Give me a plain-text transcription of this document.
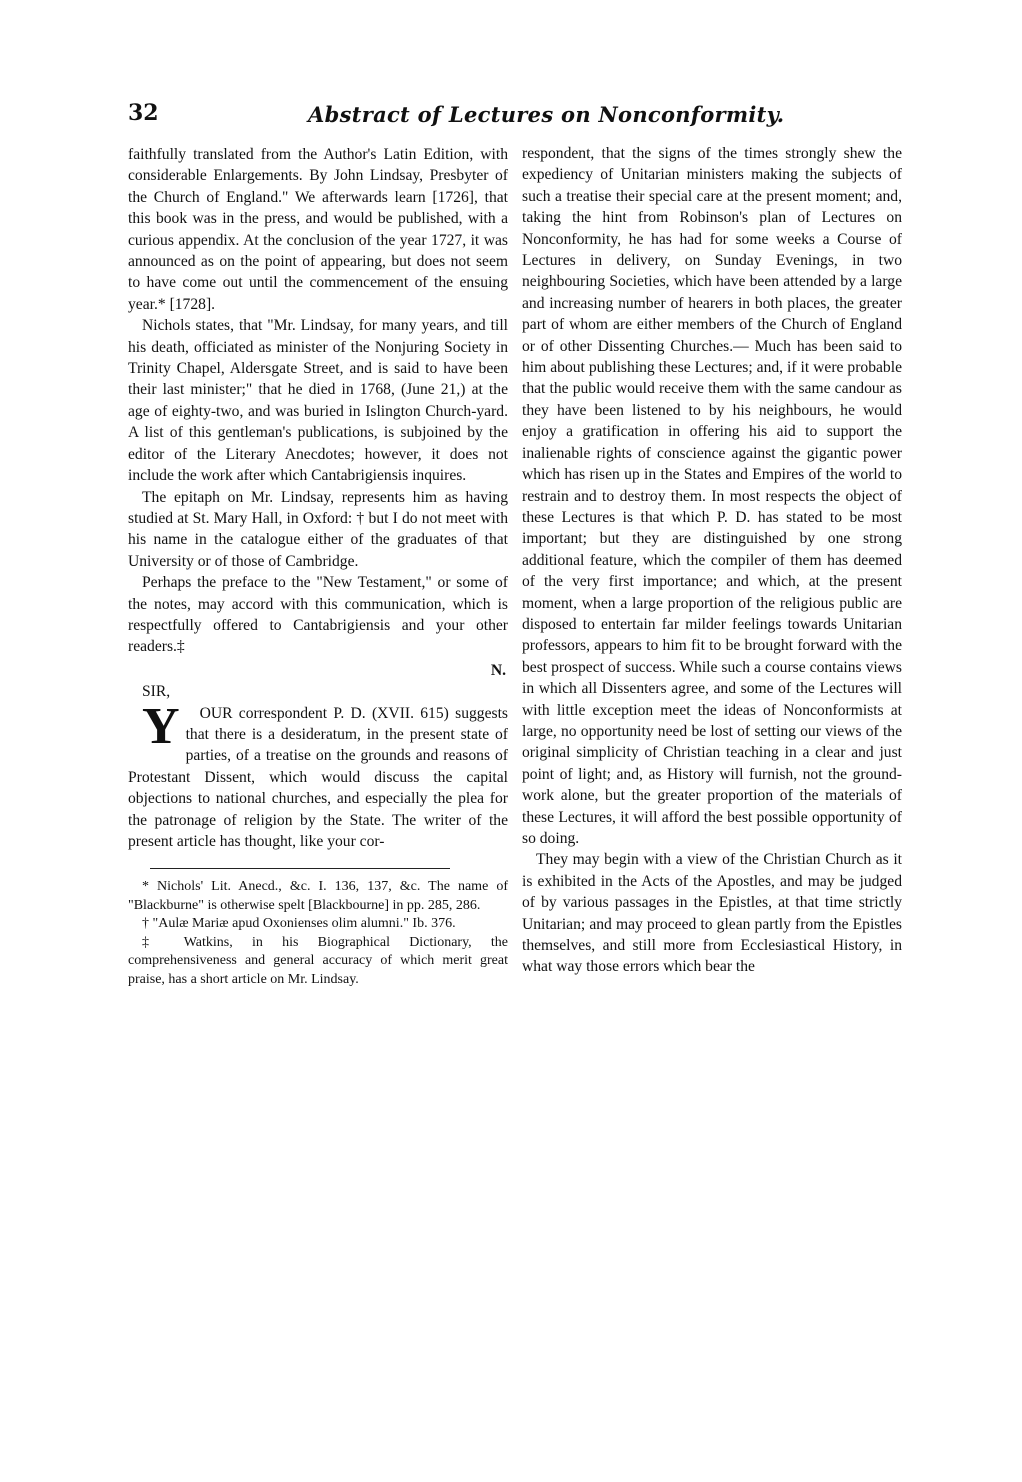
32	Abstract of Lectures on Nonconformity.

faithfully translated from the Author's Latin Edition, with considerable Enlargements. By John Lindsay, Presbyter of the Church of England." We afterwards learn [1726], that this book was in the press, and would be published, with a curious appendix. At the conclusion of the year 1727, it was announced as on the point of appearing, but does not seem to have come out until the commencement of the ensuing year.* [1728].

Nichols states, that "Mr. Lindsay, for many years, and till his death, officiated as minister of the Nonjuring Society in Trinity Chapel, Aldersgate Street, and is said to have been their last minister;" that he died in 1768, (June 21,) at the age of eighty-two, and was buried in Islington Church-yard. A list of this gentleman's publications, is subjoined by the editor of the Literary Anecdotes; however, it does not include the work after which Cantabrigiensis inquires.

The epitaph on Mr. Lindsay, represents him as having studied at St. Mary Hall, in Oxford: † but I do not meet with his name in the catalogue either of the graduates of that University or of those of Cambridge.

Perhaps the preface to the "New Testament," or some of the notes, may accord with this communication, which is respectfully offered to Cantabrigiensis and your other readers.‡

N.

SIR,

Y OUR correspondent P. D. (XVII. 615) suggests that there is a desideratum, in the present state of parties, of a treatise on the grounds and reasons of Protestant Dissent, which would discuss the capital objections to national churches, and especially the plea for the patronage of religion by the State. The writer of the present article has thought, like your cor-

* Nichols' Lit. Anecd., &c. I. 136, 137, &c. The name of "Blackburne" is otherwise spelt [Blackbourne] in pp. 285, 286.

† "Aulæ Mariæ apud Oxonienses olim alumni." Ib. 376.

‡ Watkins, in his Biographical Dictionary, the comprehensiveness and general accuracy of which merit great praise, has a short article on Mr. Lindsay.

respondent, that the signs of the times strongly shew the expediency of Unitarian ministers making the subjects of such a treatise their special care at the present moment; and, taking the hint from Robinson's plan of Lectures on Nonconformity, he has had for some weeks a Course of Lectures in delivery, on Sunday Evenings, in two neighbouring Societies, which have been attended by a large and increasing number of hearers in both places, the greater part of whom are either members of the Church of England or of other Dissenting Churches.— Much has been said to him about publishing these Lectures; and, if it were probable that the public would receive them with the same candour as they have been listened to by his neighbours, he would enjoy a gratification in offering his aid to support the inalienable rights of conscience against the gigantic power which has risen up in the States and Empires of the world to restrain and to destroy them. In most respects the object of these Lectures is that which P. D. has stated to be most important; but they are distinguished by one strong additional feature, which the compiler of them has deemed of the very first importance; and which, at the present moment, when a large proportion of the religious public are disposed to entertain far milder feelings towards Unitarian professors, appears to him fit to be brought forward with the best prospect of success. While such a course contains views in which all Dissenters agree, and some of the Lectures will with little exception meet the ideas of Nonconformists at large, no opportunity need be lost of setting our views of the original simplicity of Christian teaching in a clear and just point of light; and, as History will furnish, not the ground-work alone, but the greater proportion of the materials of these Lectures, it will afford the best possible opportunity of so doing.

They may begin with a view of the Christian Church as it is exhibited in the Acts of the Apostles, and may be judged of by various passages in the Epistles, at that time strictly Unitarian; and may proceed to glean partly from the Epistles themselves, and still more from Ecclesiastical History, in what way those errors which bear the
